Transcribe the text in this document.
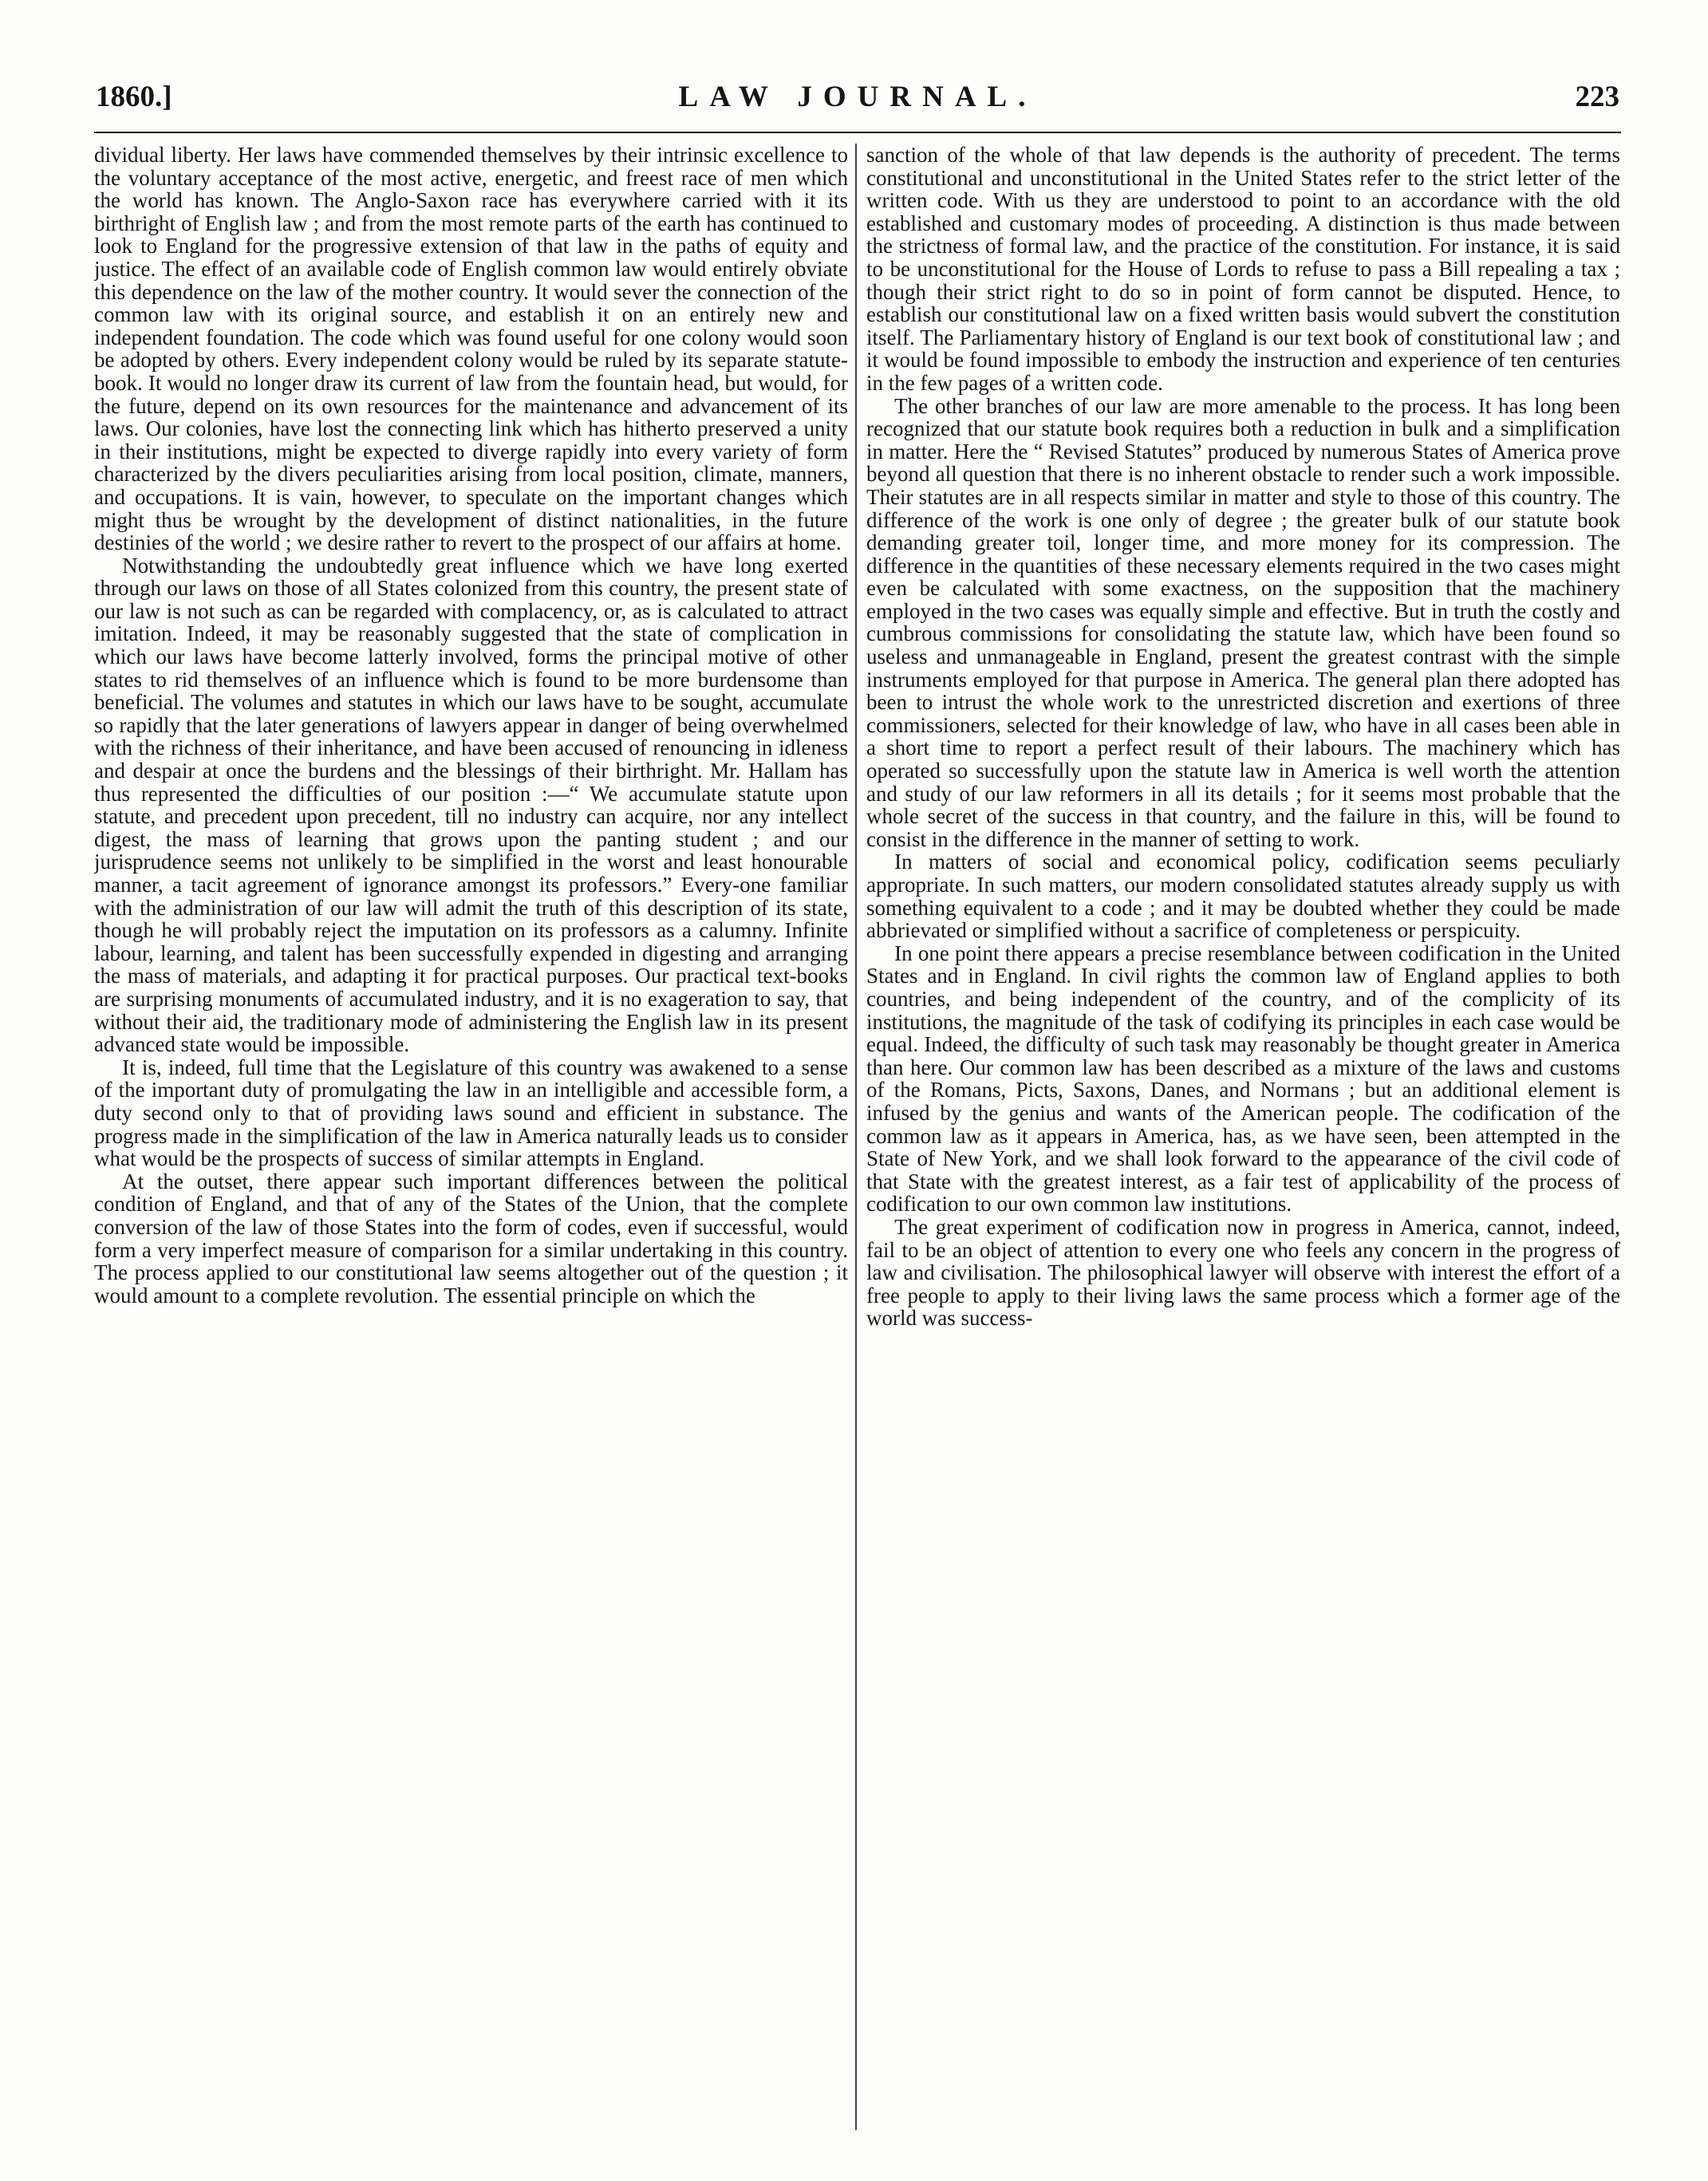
1860.]	LAW JOURNAL.	223

dividual liberty. Her laws have commended themselves by their intrinsic excellence to the voluntary acceptance of the most active, energetic, and freest race of men which the world has known. The Anglo-Saxon race has everywhere carried with it its birthright of English law ; and from the most remote parts of the earth has continued to look to England for the progressive extension of that law in the paths of equity and justice. The effect of an available code of English common law would entirely obviate this dependence on the law of the mother country. It would sever the connection of the common law with its original source, and establish it on an entirely new and independent foundation. The code which was found useful for one colony would soon be adopted by others. Every independent colony would be ruled by its separate statute-book. It would no longer draw its current of law from the fountain head, but would, for the future, depend on its own resources for the maintenance and advancement of its laws. Our colonies, have lost the connecting link which has hitherto preserved a unity in their institutions, might be expected to diverge rapidly into every variety of form characterized by the divers peculiarities arising from local position, climate, manners, and occupations. It is vain, however, to speculate on the important changes which might thus be wrought by the development of distinct nationalities, in the future destinies of the world ; we desire rather to revert to the prospect of our affairs at home.

Notwithstanding the undoubtedly great influence which we have long exerted through our laws on those of all States colonized from this country, the present state of our law is not such as can be regarded with complacency, or, as is calculated to attract imitation. Indeed, it may be reasonably suggested that the state of complication in which our laws have become latterly involved, forms the principal motive of other states to rid themselves of an influence which is found to be more burdensome than beneficial. The volumes and statutes in which our laws have to be sought, accumulate so rapidly that the later generations of lawyers appear in danger of being overwhelmed with the richness of their inheritance, and have been accused of renouncing in idleness and despair at once the burdens and the blessings of their birthright. Mr. Hallam has thus represented the difficulties of our position :—“ We accumulate statute upon statute, and precedent upon precedent, till no industry can acquire, nor any intellect digest, the mass of learning that grows upon the panting student ; and our jurisprudence seems not unlikely to be simplified in the worst and least honourable manner, a tacit agreement of ignorance amongst its professors.” Every-one familiar with the administration of our law will admit the truth of this description of its state, though he will probably reject the imputation on its professors as a calumny. Infinite labour, learning, and talent has been successfully expended in digesting and arranging the mass of materials, and adapting it for practical purposes. Our practical text-books are surprising monuments of accumulated industry, and it is no exageration to say, that without their aid, the traditionary mode of administering the English law in its present advanced state would be impossible.

It is, indeed, full time that the Legislature of this country was awakened to a sense of the important duty of promulgating the law in an intelligible and accessible form, a duty second only to that of providing laws sound and efficient in substance. The progress made in the simplification of the law in America naturally leads us to consider what would be the prospects of success of similar attempts in England.

At the outset, there appear such important differences between the political condition of England, and that of any of the States of the Union, that the complete conversion of the law of those States into the form of codes, even if successful, would form a very imperfect measure of comparison for a similar undertaking in this country. The process applied to our constitutional law seems altogether out of the question ; it would amount to a complete revolution. The essential principle on which the

sanction of the whole of that law depends is the authority of precedent. The terms constitutional and unconstitutional in the United States refer to the strict letter of the written code. With us they are understood to point to an accordance with the old established and customary modes of proceeding. A distinction is thus made between the strictness of formal law, and the practice of the constitution. For instance, it is said to be unconstitutional for the House of Lords to refuse to pass a Bill repealing a tax ; though their strict right to do so in point of form cannot be disputed. Hence, to establish our constitutional law on a fixed written basis would subvert the constitution itself. The Parliamentary history of England is our text book of constitutional law ; and it would be found impossible to embody the instruction and experience of ten centuries in the few pages of a written code.

The other branches of our law are more amenable to the process. It has long been recognized that our statute book requires both a reduction in bulk and a simplification in matter. Here the “ Revised Statutes” produced by numerous States of America prove beyond all question that there is no inherent obstacle to render such a work impossible. Their statutes are in all respects similar in matter and style to those of this country. The difference of the work is one only of degree ; the greater bulk of our statute book demanding greater toil, longer time, and more money for its compression. The difference in the quantities of these necessary elements required in the two cases might even be calculated with some exactness, on the supposition that the machinery employed in the two cases was equally simple and effective. But in truth the costly and cumbrous commissions for consolidating the statute law, which have been found so useless and unmanageable in England, present the greatest contrast with the simple instruments employed for that purpose in America. The general plan there adopted has been to intrust the whole work to the unrestricted discretion and exertions of three commissioners, selected for their knowledge of law, who have in all cases been able in a short time to report a perfect result of their labours. The machinery which has operated so successfully upon the statute law in America is well worth the attention and study of our law reformers in all its details ; for it seems most probable that the whole secret of the success in that country, and the failure in this, will be found to consist in the difference in the manner of setting to work.

In matters of social and economical policy, codification seems peculiarly appropriate. In such matters, our modern consolidated statutes already supply us with something equivalent to a code ; and it may be doubted whether they could be made abbrievated or simplified without a sacrifice of completeness or perspicuity.

In one point there appears a precise resemblance between codification in the United States and in England. In civil rights the common law of England applies to both countries, and being independent of the country, and of the complicity of its institutions, the magnitude of the task of codifying its principles in each case would be equal. Indeed, the difficulty of such task may reasonably be thought greater in America than here. Our common law has been described as a mixture of the laws and customs of the Romans, Picts, Saxons, Danes, and Normans ; but an additional element is infused by the genius and wants of the American people. The codification of the common law as it appears in America, has, as we have seen, been attempted in the State of New York, and we shall look forward to the appearance of the civil code of that State with the greatest interest, as a fair test of applicability of the process of codification to our own common law institutions.

The great experiment of codification now in progress in America, cannot, indeed, fail to be an object of attention to every one who feels any concern in the progress of law and civilisation. The philosophical lawyer will observe with interest the effort of a free people to apply to their living laws the same process which a former age of the world was success-
